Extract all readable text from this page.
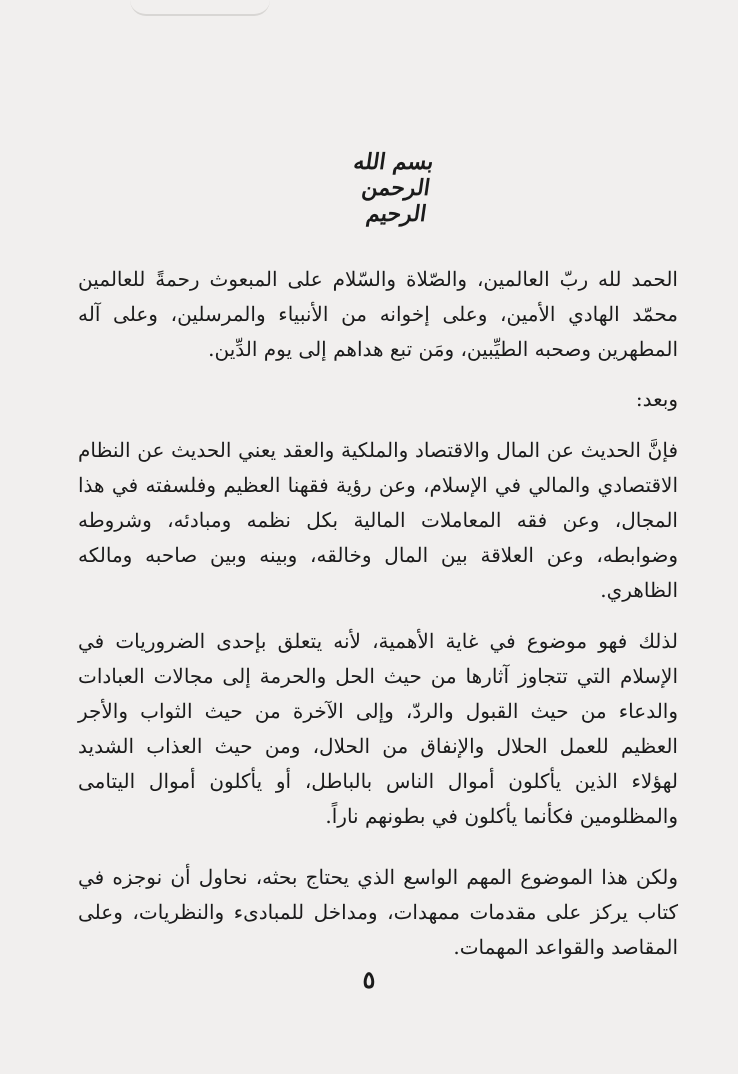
بسم الله الرحمن الرحيم

الحمد لله ربّ العالمين، والصّلاة والسّلام على المبعوث رحمةً للعالمين محمّد الهادي الأمين، وعلى إخوانه من الأنبياء والمرسلين، وعلى آله المطهرين وصحبه الطيِّبين، ومَن تبع هداهم إلى يوم الدِّين.

وبعد:

فإنَّ الحديث عن المال والاقتصاد والملكية والعقد يعني الحديث عن النظام الاقتصادي والمالي في الإسلام، وعن رؤية فقهنا العظيم وفلسفته في هذا المجال، وعن فقه المعاملات المالية بكل نظمه ومبادئه، وشروطه وضوابطه، وعن العلاقة بين المال وخالقه، وبينه وبين صاحبه ومالكه الظاهري.

لذلك فهو موضوع في غاية الأهمية، لأنه يتعلق بإحدى الضروريات في الإسلام التي تتجاوز آثارها من حيث الحل والحرمة إلى مجالات العبادات والدعاء من حيث القبول والردّ، وإلى الآخرة من حيث الثواب والأجر العظيم للعمل الحلال والإنفاق من الحلال، ومن حيث العذاب الشديد لهؤلاء الذين يأكلون أموال الناس بالباطل، أو يأكلون أموال اليتامى والمظلومين فكأنما يأكلون في بطونهم ناراً.

ولكن هذا الموضوع المهم الواسع الذي يحتاج بحثه، نحاول أن نوجزه في كتاب يركز على مقدمات ممهدات، ومداخل للمبادىء والنظريات، وعلى المقاصد والقواعد المهمات.

٥
